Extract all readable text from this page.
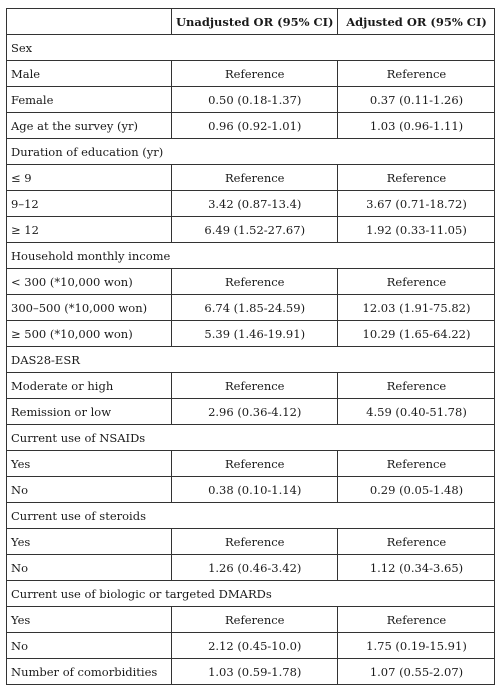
	Unadjusted OR (95% CI)	Adjusted OR (95% CI)
Sex		
Male	Reference	Reference
Female	0.50 (0.18-1.37)	0.37 (0.11-1.26)
Age at the survey (yr)	0.96 (0.92-1.01)	1.03 (0.96-1.11)
Duration of education (yr)		
≤ 9	Reference	Reference
9–12	3.42 (0.87-13.4)	3.67 (0.71-18.72)
≥ 12	6.49 (1.52-27.67)	1.92 (0.33-11.05)
Household monthly income		
< 300 (*10,000 won)	Reference	Reference
300–500 (*10,000 won)	6.74 (1.85-24.59)	12.03 (1.91-75.82)
≥ 500 (*10,000 won)	5.39 (1.46-19.91)	10.29 (1.65-64.22)
DAS28-ESR		
Moderate or high	Reference	Reference
Remission or low	2.96 (0.36-4.12)	4.59 (0.40-51.78)
Current use of NSAIDs		
Yes	Reference	Reference
No	0.38 (0.10-1.14)	0.29 (0.05-1.48)
Current use of steroids		
Yes	Reference	Reference
No	1.26 (0.46-3.42)	1.12 (0.34-3.65)
Current use of biologic or targeted DMARDs		
Yes	Reference	Reference
No	2.12 (0.45-10.0)	1.75 (0.19-15.91)
Number of comorbidities	1.03 (0.59-1.78)	1.07 (0.55-2.07)
